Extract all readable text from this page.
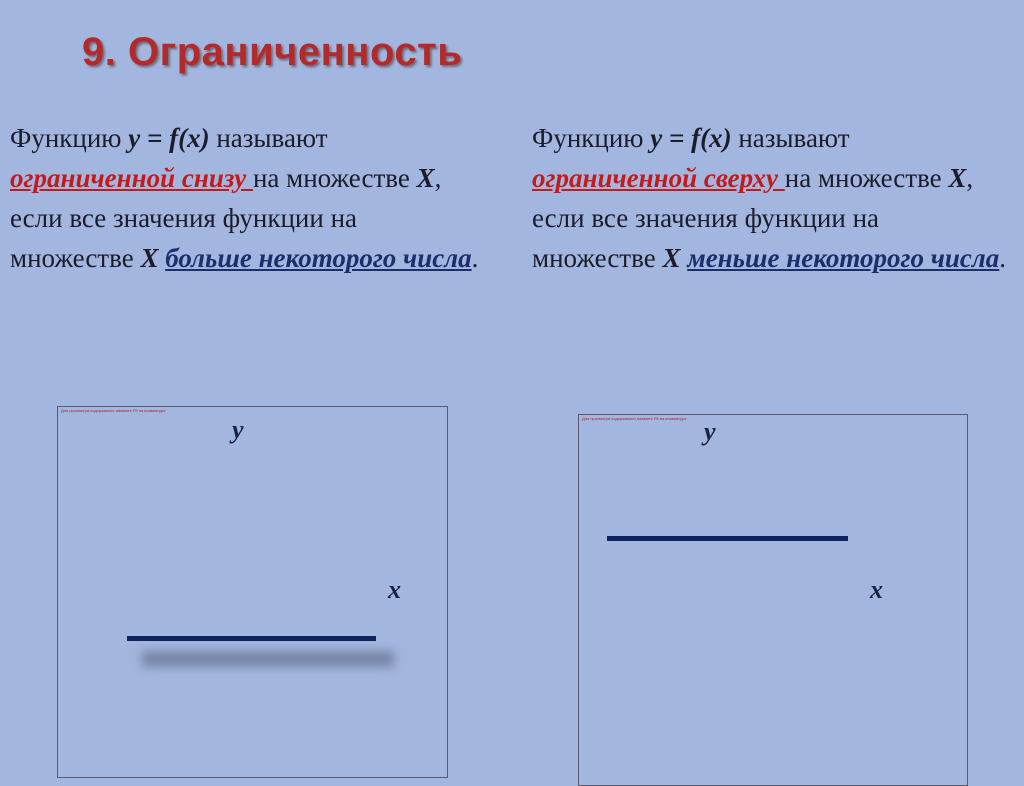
9. Ограниченность

Функцию y = f(x) называют ограниченной снизу на множестве X, если все значения функции на множестве X больше некоторого числа.

Функцию y = f(x) называют ограниченной сверху на множестве X, если все значения функции на множестве X меньше некоторого числа.

Для просмотра содержимого нажмите F5 на клавиатуре
y
x
Для просмотра содержимого нажмите F5 на клавиатуре y
x
